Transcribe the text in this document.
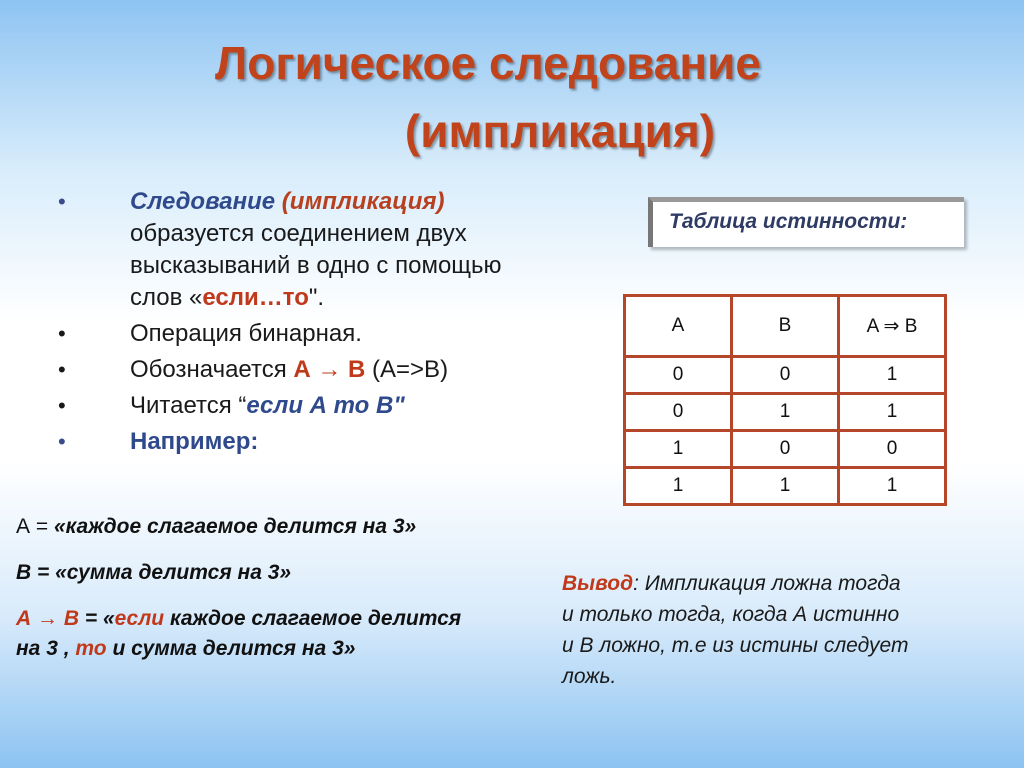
Логическое следование
(импликация)
•	Следование (импликация)
образуется соединением двух
высказываний в одно с помощью
слов «если…то".
•	Операция бинарная.
•	Обозначается А → В (A=>B)
•	Читается “если А то В"
•	Например:
А = «каждое слагаемое делится на 3»
В = «сумма делится на 3»
А → В = «если каждое слагаемое делится
на 3 , то и сумма делится на 3»
Таблица истинности:
A	B	A ⇒ B
0	0	1
0	1	1
1	0	0
1	1	1
Вывод: Импликация ложна тогда
и только тогда, когда А истинно
и В ложно, т.е из истины следует
ложь.
